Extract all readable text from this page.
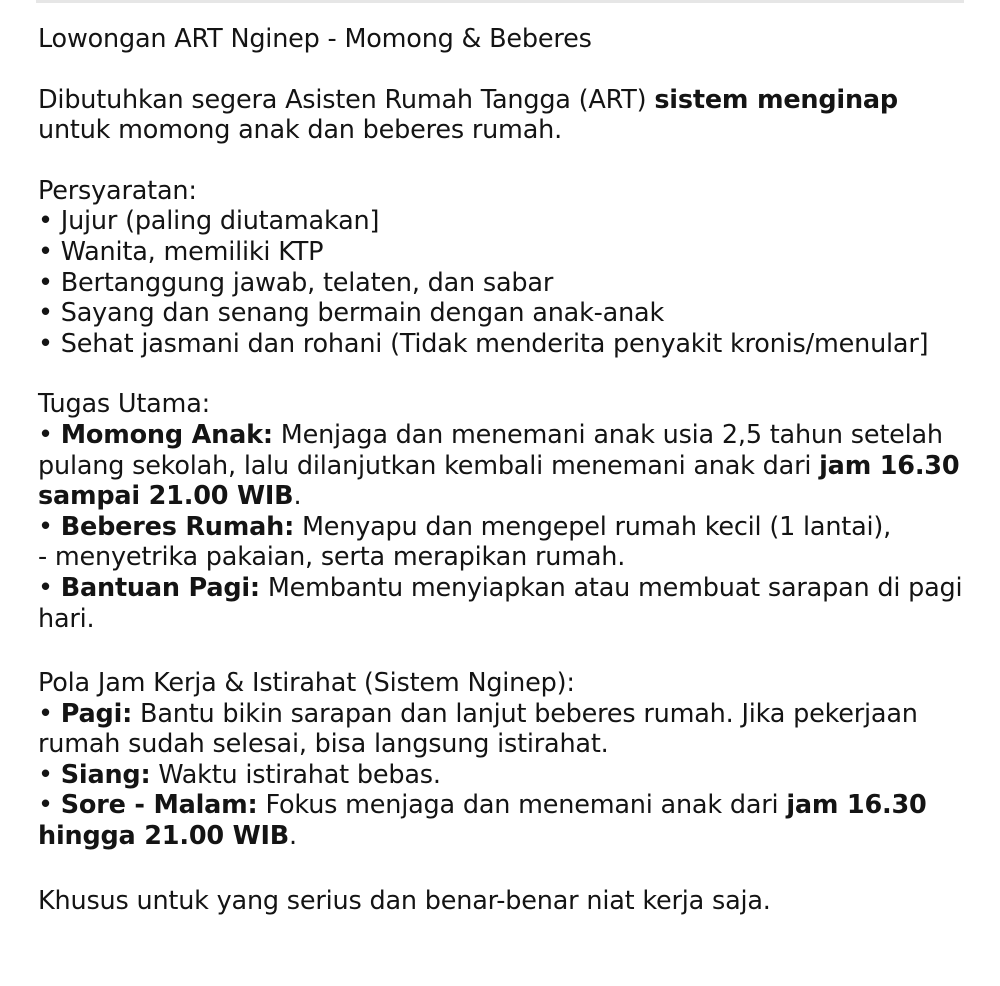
Lowongan ART Nginep - Momong & Beberes

Dibutuhkan segera Asisten Rumah Tangga (ART) sistem menginap untuk momong anak dan beberes rumah.

Persyaratan:

• Jujur (paling diutamakan]

• Wanita, memiliki KTP

• Bertanggung jawab, telaten, dan sabar

• Sayang dan senang bermain dengan anak-anak

• Sehat jasmani dan rohani (Tidak menderita penyakit kronis/menular]

Tugas Utama:

• Momong Anak: Menjaga dan menemani anak usia 2,5 tahun setelah pulang sekolah, lalu dilanjutkan kembali menemani anak dari jam 16.30 sampai 21.00 WIB.

• Beberes Rumah: Menyapu dan mengepel rumah kecil (1 lantai),

- menyetrika pakaian, serta merapikan rumah.

• Bantuan Pagi: Membantu menyiapkan atau membuat sarapan di pagi hari.

Pola Jam Kerja & Istirahat (Sistem Nginep):

• Pagi: Bantu bikin sarapan dan lanjut beberes rumah. Jika pekerjaan rumah sudah selesai, bisa langsung istirahat.

• Siang: Waktu istirahat bebas.

• Sore - Malam: Fokus menjaga dan menemani anak dari jam 16.30 hingga 21.00 WIB.

Khusus untuk yang serius dan benar-benar niat kerja saja.
